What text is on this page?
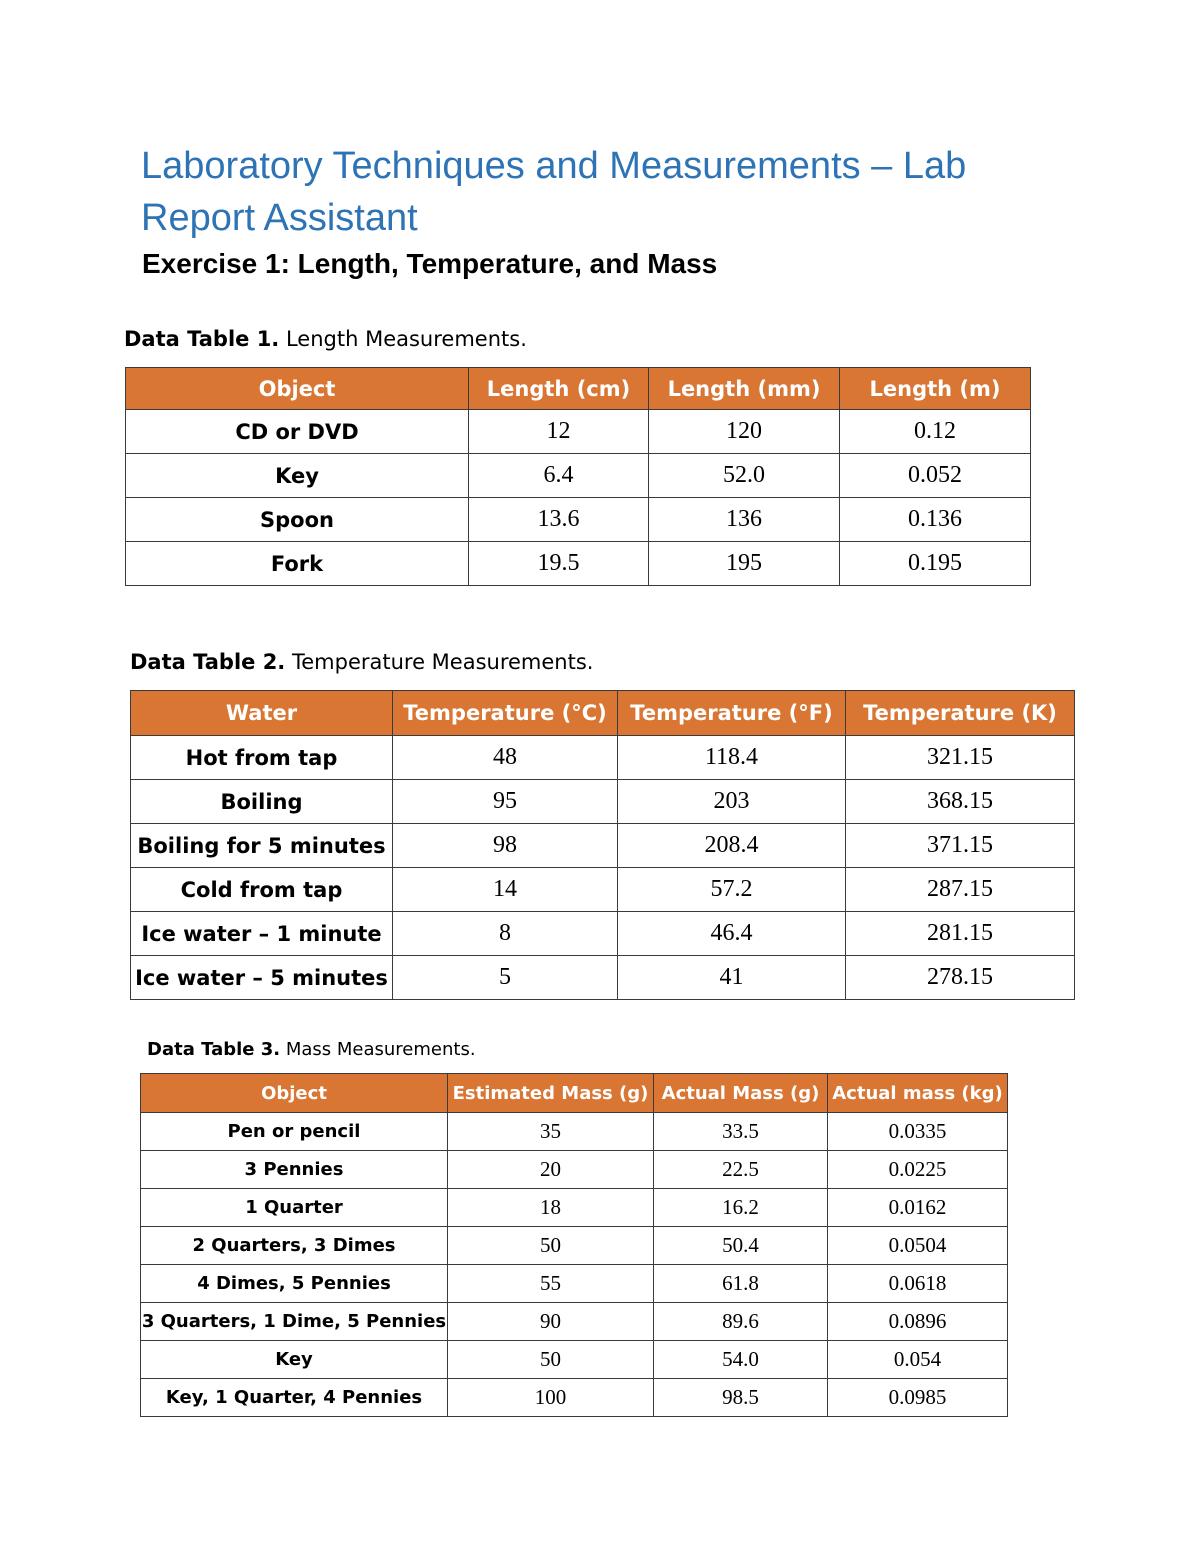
Laboratory Techniques and Measurements – Lab Report Assistant
Exercise 1: Length, Temperature, and Mass

Data Table 1. Length Measurements.

Object	Length (cm)	Length (mm)	Length (m)
CD or DVD	12	120	0.12
Key	6.4	52.0	0.052
Spoon	13.6	136	0.136
Fork	19.5	195	0.195

Data Table 2. Temperature Measurements.

Water	Temperature (°C)	Temperature (°F)	Temperature (K)
Hot from tap	48	118.4	321.15
Boiling	95	203	368.15
Boiling for 5 minutes	98	208.4	371.15
Cold from tap	14	57.2	287.15
Ice water – 1 minute	8	46.4	281.15
Ice water – 5 minutes	5	41	278.15

Data Table 3. Mass Measurements.

Object	Estimated Mass (g)	Actual Mass (g)	Actual mass (kg)
Pen or pencil	35	33.5	0.0335
3 Pennies	20	22.5	0.0225
1 Quarter	18	16.2	0.0162
2 Quarters, 3 Dimes	50	50.4	0.0504
4 Dimes, 5 Pennies	55	61.8	0.0618
3 Quarters, 1 Dime, 5 Pennies	90	89.6	0.0896
Key	50	54.0	0.054
Key, 1 Quarter, 4 Pennies	100	98.5	0.0985
